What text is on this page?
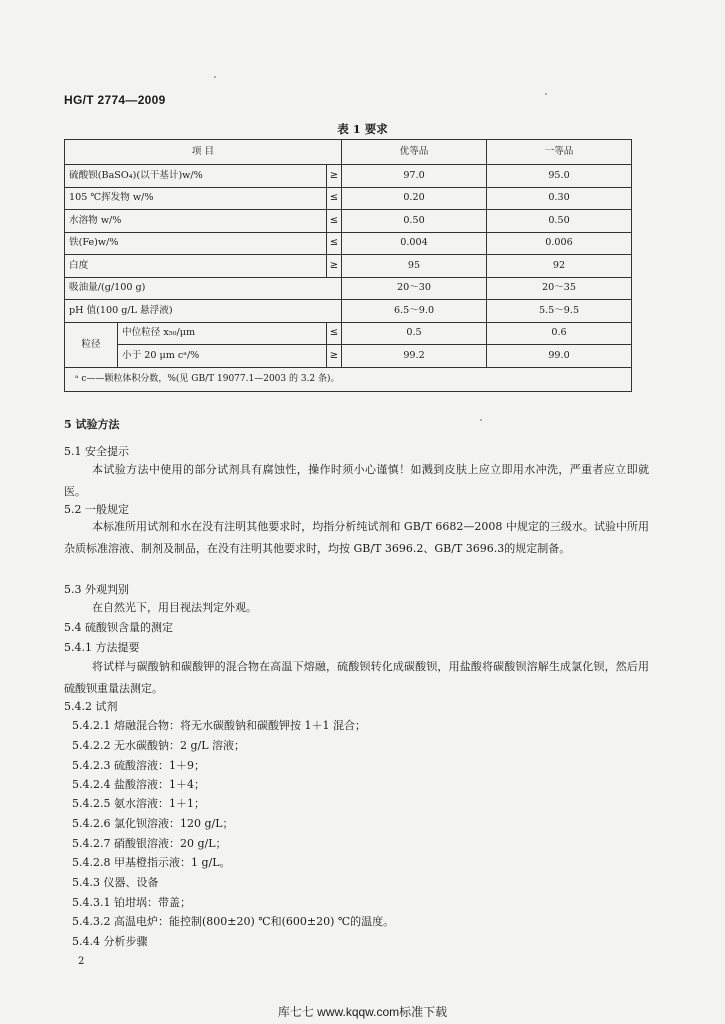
HG/T 2774—2009
表 1 要求
项 目			优等品	一等品
硫酸钡(BaSO₄)(以干基计)w/%		≥	97.0	95.0
105 ℃挥发物 w/%		≤	0.20	0.30
水溶物 w/%		≤	0.50	0.50
铁(Fe)w/%		≤	0.004	0.006
白度		≥	95	92
吸油量/(g/100 g)			20～30	20～35
pH 值(100 g/L 悬浮液)			6.5～9.0	5.5～9.5
粒径	中位粒径 x₅₀/μm	≤	0.5	0.6
	小于 20 μm cᵃ/%	≥	99.2	99.0
ᵃ c——颗粒体积分数，%(见 GB/T 19077.1—2003 的 3.2 条)。				
5 试验方法
5.1 安全提示
本试验方法中使用的部分试剂具有腐蚀性，操作时须小心谨慎！如溅到皮肤上应立即用水冲洗，严重者应立即就医。
5.2 一般规定
本标准所用试剂和水在没有注明其他要求时，均指分析纯试剂和 GB/T 6682—2008 中规定的三级水。试验中所用杂质标准溶液、制剂及制品，在没有注明其他要求时，均按 GB/T 3696.2、GB/T 3696.3的规定制备。
5.3 外观判别
在自然光下，用目视法判定外观。
5.4 硫酸钡含量的测定
5.4.1 方法提要
将试样与碳酸钠和碳酸钾的混合物在高温下熔融，硫酸钡转化成碳酸钡，用盐酸将碳酸钡溶解生成氯化钡，然后用硫酸钡重量法测定。
5.4.2 试剂
5.4.2.1 熔融混合物：将无水碳酸钠和碳酸钾按 1＋1 混合；
5.4.2.2 无水碳酸钠：2 g/L 溶液；
5.4.2.3 硫酸溶液：1＋9；
5.4.2.4 盐酸溶液：1＋4；
5.4.2.5 氨水溶液：1＋1；
5.4.2.6 氯化钡溶液：120 g/L；
5.4.2.7 硝酸银溶液：20 g/L；
5.4.2.8 甲基橙指示液：1 g/L。
5.4.3 仪器、设备
5.4.3.1 铂坩埚：带盖；
5.4.3.2 高温电炉：能控制(800±20) ℃和(600±20) ℃的温度。
5.4.4 分析步骤
2
库七七 www.kqqw.com标准下载
